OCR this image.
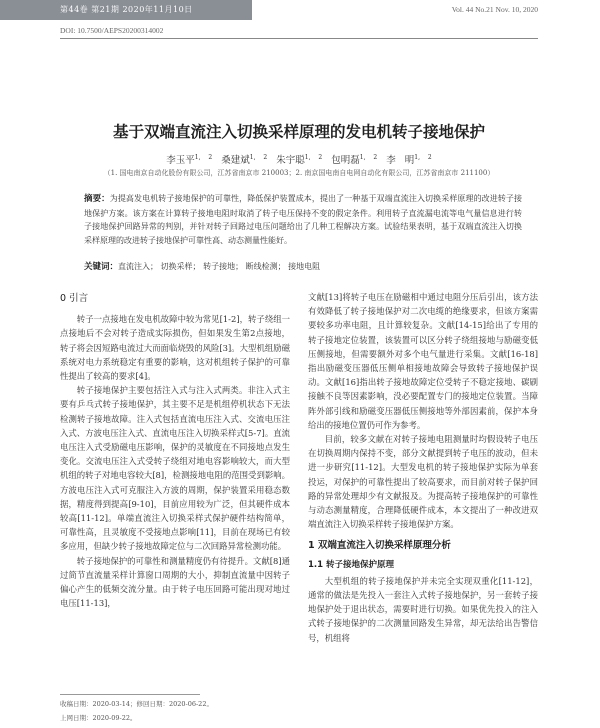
第44卷 第21期 2020年11月10日	Vol. 44 No.21 Nov. 10, 2020
DOI: 10.7500/AEPS20200314002
基于双端直流注入切换采样原理的发电机转子接地保护
李玉平$^{1, 2}$ 桑建斌$^{1, 2}$ 朱宇聪$^{1, 2}$ 包明磊$^{1, 2}$ 李 明$^{1, 2}$
（1. 国电南京自动化股份有限公司，江苏省南京市 210003；2. 南京国电南自电网自动化有限公司，江苏省南京市 211100）
摘要：为提高发电机转子接地保护的可靠性，降低保护装置成本，提出了一种基于双端直流注入切换采样原理的改进转子接地保护方案。该方案在计算转子接地电阻时取消了转子电压保持不变的假定条件。利用转子直流漏电流等电气量信息进行转子接地保护回路异常的判别，并针对转子回路过电压问题给出了几种工程解决方案。试验结果表明，基于双端直流注入切换采样原理的改进转子接地保护可靠性高、动态测量性能好。
关键词：直流注入； 切换采样； 转子接地； 断线检测； 接地电阻
0 引言

转子一点接地在发电机故障中较为常见[1-2]，转子绕组一点接地后不会对转子造成实际损伤，但如果发生第2点接地，转子将会因短路电流过大而面临烧毁的风险[3]。大型机组励磁系统对电力系统稳定有重要的影响，这对机组转子保护的可靠性提出了较高的要求[4]。

转子接地保护主要包括注入式与注入式两类。非注入式主要有乒乓式转子接地保护，其主要不足是机组停机状态下无法检测转子接地故障。注入式包括直流电压注入式、交流电压注入式、方波电压注入式、直流电压注入切换采样式[5-7]。直流电压注入式受励磁电压影响，保护的灵敏度在不同接地点发生变化。交流电压注入式受转子绕组对地电容影响较大，而大型机组的转子对地电容较大[8]，检测接地电阻的范围受到影响。方波电压注入式可克服注入方波的周期，保护装置采用稳态数据，精度得到提高[9-10]，目前应用较为广泛，但其硬件成本较高[11-12]。单端直流注入切换采样式保护硬件结构简单，可靠性高，且灵敏度不受接地点影响[11]，目前在现场已有较多应用，但缺少转子接地故障定位与二次回路异常检测功能。

转子接地保护的可靠性和测量精度仍有待提升。文献[8]通过简节直流量采样计算窗口周期的大小，抑制直流量中因转子偏心产生的低频交流分量。由于转子电压回路可能出现对地过电压[11-13]，

文献[13]将转子电压在励磁相中通过电阻分压后引出，该方法有效降低了转子接地保护对二次电缆的绝缘要求，但该方案需要较多功率电阻，且计算较复杂。文献[14-15]给出了专用的转子接地定位装置，该装置可以区分转子绕组接地与励磁变低压侧接地，但需要额外对多个电气量进行采集。文献[16-18]指出励磁变压器低压侧单相接地故障会导致转子接地保护误动。文献[16]指出转子接地故障定位受转子不稳定接地、碳刷接触不良等因素影响，没必要配置专门的接地定位装置。当障阵外部引线和励磁变压器低压侧接地等外部因素前，保护本身给出的接地位置仍可作为参考。

目前，较多文献在对转子接地电阻测量时均假设转子电压在切换周期内保持不变，部分文献提到转子电压的波动，但未进一步研究[11-12]。大型发电机的转子接地保护实际为单套投运，对保护的可靠性提出了较高要求，而目前对转子保护回路的异常处理却少有文献报及。为提高转子接地保护的可靠性与动态测量精度，合理降低硬件成本，本文提出了一种改进双端直流注入切换采样转子接地保护方案。

1 双端直流注入切换采样原理分析
1.1 转子接地保护原理

大型机组的转子接地保护并未完全实现双重化[11-12]，通常的做法是先投入一套注入式转子接地保护，另一套转子接地保护处于退出状态，需要时进行切换。如果优先投入的注入式转子接地保护的二次测量回路发生异常，却无法给出告警信号，机组将

收稿日期：2020-03-14；修回日期：2020-06-22。
上网日期：2020-09-22。
